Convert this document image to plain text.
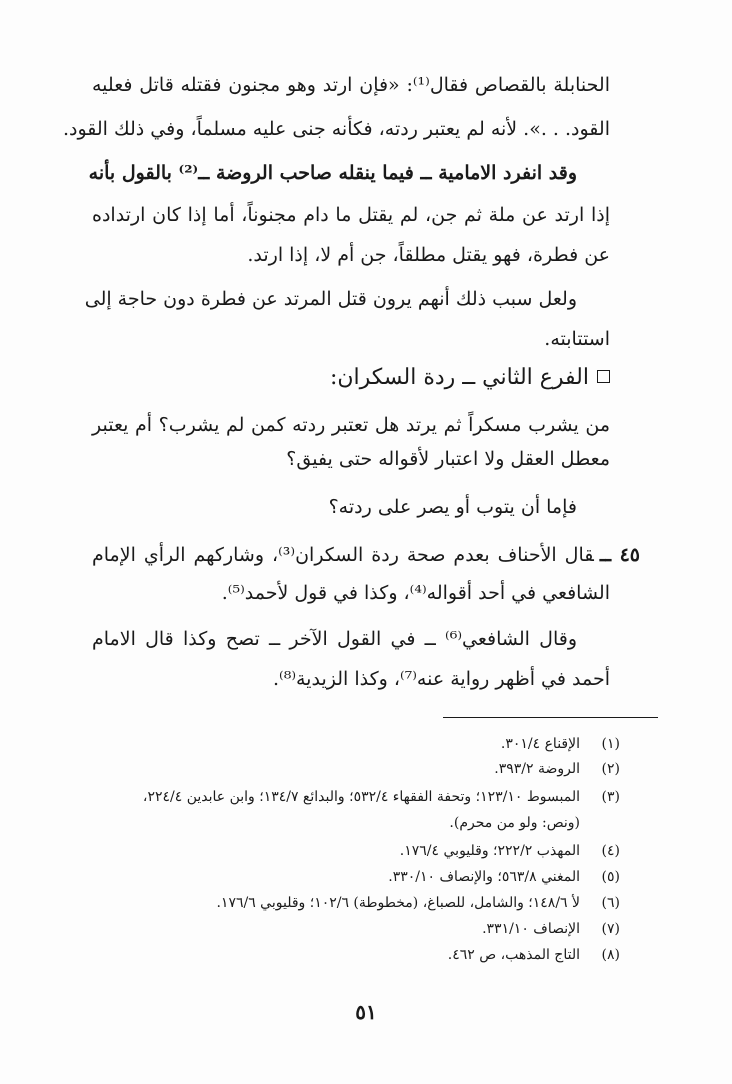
الحنابلة بالقصاص فقال⁽¹⁾: «فإن ارتد وهو مجنون فقتله قاتل فعليه
القود. . .». لأنه لم يعتبر ردته، فكأنه جنى عليه مسلماً، وفي ذلك القود.
وقد انفرد الامامية ــ فيما ينقله صاحب الروضة ــ⁽²⁾ بالقول بأنه
إذا ارتد عن ملة ثم جن، لم يقتل ما دام مجنوناً، أما إذا كان ارتداده
عن فطرة، فهو يقتل مطلقاً، جن أم لا، إذا ارتد.
ولعل سبب ذلك أنهم يرون قتل المرتد عن فطرة دون حاجة إلى
استتابته.
الفرع الثاني ــ ردة السكران:
من يشرب مسكراً ثم يرتد هل تعتبر ردته كمن لم يشرب؟ أم يعتبر
معطل العقل ولا اعتبار لأقواله حتى يفيق؟
فإما أن يتوب أو يصر على ردته؟
٤٥ ــقال الأحناف بعدم صحة ردة السكران⁽³⁾، وشاركهم الرأي الإمام
الشافعي في أحد أقواله⁽⁴⁾، وكذا في قول لأحمد⁽⁵⁾.
وقال الشافعي⁽⁶⁾ ــ في القول الآخر ــ تصح وكذا قال الامام
أحمد في أظهر رواية عنه⁽⁷⁾، وكذا الزيدية⁽⁸⁾.
(١)الإقناع ٣٠١/٤.
(٢)الروضة ٣٩٣/٢.
(٣)المبسوط ١٢٣/١٠؛ وتحفة الفقهاء ٥٣٢/٤؛ والبدائع ١٣٤/٧؛ وابن عابدين ٢٢٤/٤،
(ونص: ولو من محرم).
(٤)المهذب ٢٢٢/٢؛ وقليوبي ١٧٦/٤.
(٥)المغني ٥٦٣/٨؛ والإنصاف ٣٣٠/١٠.
(٦)لأ ١٤٨/٦؛ والشامل، للصباغ، (مخطوطة) ١٠٢/٦؛ وقليوبي ١٧٦/٦.
(٧)الإنصاف ٣٣١/١٠.
(٨)التاج المذهب، ص ٤٦٢.
٥١
